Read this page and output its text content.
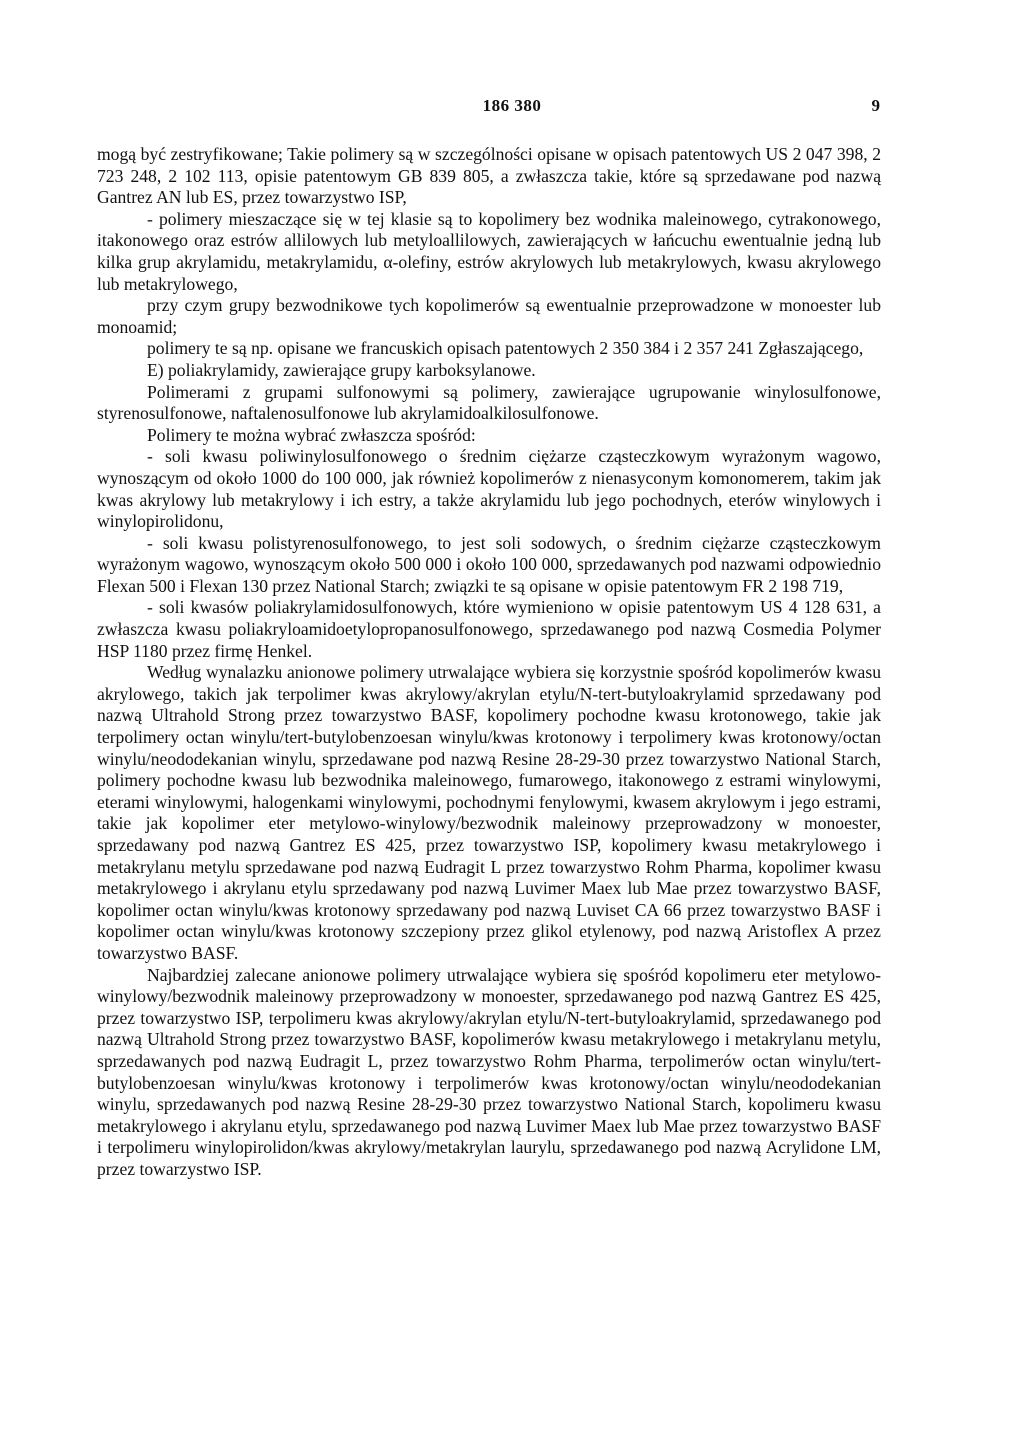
186 380	9

mogą być zestryfikowane; Takie polimery są w szczególności opisane w opisach patentowych US 2 047 398, 2 723 248, 2 102 113, opisie patentowym GB 839 805, a zwłaszcza takie, które są sprzedawane pod nazwą Gantrez AN lub ES, przez towarzystwo ISP,

- polimery mieszaczące się w tej klasie są to kopolimery bez wodnika maleinowego, cytrakonowego, itakonowego oraz estrów allilowych lub metyloallilowych, zawierających w łańcuchu ewentualnie jedną lub kilka grup akrylamidu, metakrylamidu, α-olefiny, estrów akrylowych lub metakrylowych, kwasu akrylowego lub metakrylowego,

przy czym grupy bezwodnikowe tych kopolimerów są ewentualnie przeprowadzone w monoester lub monoamid;

polimery te są np. opisane we francuskich opisach patentowych 2 350 384 i 2 357 241 Zgłaszającego,

E) poliakrylamidy, zawierające grupy karboksylanowe.

Polimerami z grupami sulfonowymi są polimery, zawierające ugrupowanie winylosulfonowe, styrenosulfonowe, naftalenosulfonowe lub akrylamidoalkilosulfonowe.

Polimery te można wybrać zwłaszcza spośród:

- soli kwasu poliwinylosulfonowego o średnim ciężarze cząsteczkowym wyrażonym wagowo, wynoszącym od około 1000 do 100 000, jak również kopolimerów z nienasyconym komonomerem, takim jak kwas akrylowy lub metakrylowy i ich estry, a także akrylamidu lub jego pochodnych, eterów winylowych i winylopirolidonu,

- soli kwasu polistyrenosulfonowego, to jest soli sodowych, o średnim ciężarze cząsteczkowym wyrażonym wagowo, wynoszącym około 500 000 i około 100 000, sprzedawanych pod nazwami odpowiednio Flexan 500 i Flexan 130 przez National Starch; związki te są opisane w opisie patentowym FR 2 198 719,

- soli kwasów poliakrylamidosulfonowych, które wymieniono w opisie patentowym US 4 128 631, a zwłaszcza kwasu poliakryloamidoetylopropanosulfonowego, sprzedawanego pod nazwą Cosmedia Polymer HSP 1180 przez firmę Henkel.

Według wynalazku anionowe polimery utrwalające wybiera się korzystnie spośród kopolimerów kwasu akrylowego, takich jak terpolimer kwas akrylowy/akrylan etylu/N-tert-butyloakrylamid sprzedawany pod nazwą Ultrahold Strong przez towarzystwo BASF, kopolimery pochodne kwasu krotonowego, takie jak terpolimery octan winylu/tert-butylobenzoesan winylu/kwas krotonowy i terpolimery kwas krotonowy/octan winylu/neododekanian winylu, sprzedawane pod nazwą Resine 28-29-30 przez towarzystwo National Starch, polimery pochodne kwasu lub bezwodnika maleinowego, fumarowego, itakonowego z estrami winylowymi, eterami winylowymi, halogenkami winylowymi, pochodnymi fenylowymi, kwasem akrylowym i jego estrami, takie jak kopolimer eter metylowo-winylowy/bezwodnik maleinowy przeprowadzony w monoester, sprzedawany pod nazwą Gantrez ES 425, przez towarzystwo ISP, kopolimery kwasu metakrylowego i metakrylanu metylu sprzedawane pod nazwą Eudragit L przez towarzystwo Rohm Pharma, kopolimer kwasu metakrylowego i akrylanu etylu sprzedawany pod nazwą Luvimer Maex lub Mae przez towarzystwo BASF, kopolimer octan winylu/kwas krotonowy sprzedawany pod nazwą Luviset CA 66 przez towarzystwo BASF i kopolimer octan winylu/kwas krotonowy szczepiony przez glikol etylenowy, pod nazwą Aristoflex A przez towarzystwo BASF.

Najbardziej zalecane anionowe polimery utrwalające wybiera się spośród kopolimeru eter metylowo-winylowy/bezwodnik maleinowy przeprowadzony w monoester, sprzedawanego pod nazwą Gantrez ES 425, przez towarzystwo ISP, terpolimeru kwas akrylowy/akrylan etylu/N-tert-butyloakrylamid, sprzedawanego pod nazwą Ultrahold Strong przez towarzystwo BASF, kopolimerów kwasu metakrylowego i metakrylanu metylu, sprzedawanych pod nazwą Eudragit L, przez towarzystwo Rohm Pharma, terpolimerów octan winylu/tert-butylobenzoesan winylu/kwas krotonowy i terpolimerów kwas krotonowy/octan winylu/neododekanian winylu, sprzedawanych pod nazwą Resine 28-29-30 przez towarzystwo National Starch, kopolimeru kwasu metakrylowego i akrylanu etylu, sprzedawanego pod nazwą Luvimer Maex lub Mae przez towarzystwo BASF i terpolimeru winylopirolidon/kwas akrylowy/metakrylan laurylu, sprzedawanego pod nazwą Acrylidone LM, przez towarzystwo ISP.
